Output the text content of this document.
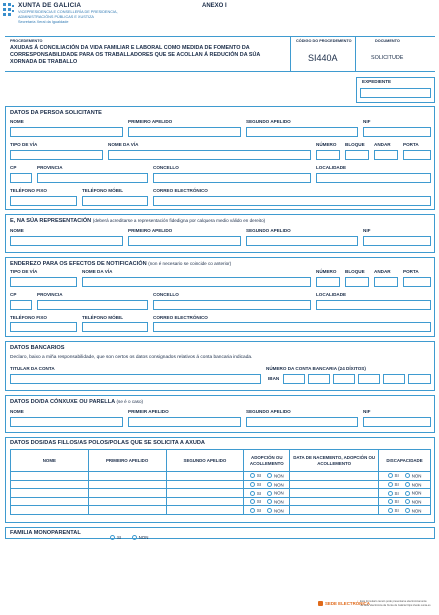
XUNTA DE GALICIA
VICEPRESIDENCIA E CONSELLERÍA DE PRESIDENCIA,
ADMINISTRACIÓNS PÚBLICAS E XUSTIZA
Secretaría Xeral da Igualdade
ANEXO I
PROCEDEMENTO
AXUDAS Á CONCILIACIÓN DA VIDA FAMILIAR E LABORAL COMO MEDIDA DE FOMENTO DA CORRESPONSABILIDADE PARA OS TRABALLADORES QUE SE ACOLLAN Á REDUCIÓN DA SÚA XORNADA DE TRABALLO
CÓDIGO DO PROCEDEMENTO
SI440A
DOCUMENTO
SOLICITUDE
EXPEDIENTE
DATOS DA PERSOA SOLICITANTE
NOME	PRIMEIRO APELIDO	SEGUNDO APELIDO	NIF
TIPO DE VÍA	NOME DA VÍA	NÚMERO BLOQUE ANDAR	PORTA
CP	PROVINCIA	CONCELLO	LOCALIDADE
TELÉFONO FIXO	TELÉFONO MÓBIL	CORREO ELECTRÓNICO
E, NA SÚA REPRESENTACIÓN (deberá acreditarse a representación fidedigna por calquera medio válido en dereito)
NOME	PRIMEIRO APELIDO	SEGUNDO APELIDO	NIF
ENDEREZO PARA OS EFECTOS DE NOTIFICACIÓN (non é necesario se coincide co anterior)
TIPO DE VÍA	NOME DA VÍA	NÚMERO BLOQUE ANDAR	PORTA
CP	PROVINCIA	CONCELLO	LOCALIDADE
TELÉFONO FIXO	TELÉFONO MÓBIL	CORREO ELECTRÓNICO
DATOS BANCARIOS
Declaro, baixo a miña responsabilidade, que son certos os datos consignados relativos á conta bancaria indicada.
TITULAR DA CONTA	NÚMERO DA CONTA BANCARIA (24 DÍXITOS)
IBAN
DATOS DO/DA CÓNXUXE OU PARELLA (se é o caso)
NOME	PRIMEIR APELIDO	SEGUNDO APELIDO	NIF
DATOS DOS/DAS FILLOS/AS POLOS/POLAS QUE SE SOLICITA A AXUDA
NOME	PRIMEIRO APELIDO	SEGUNDO APELIDO	ADOPCIÓN OU ACOLLEMENTO	DATA DE NACEMENTO, ADOPCIÓN OU ACOLLEMENTO	DISCAPACIDADE
			SI NON		SI NON
			SI NON		SI NON
			SI NON		SI NON
			SI NON		SI NON
			SI NON		SI NON
FAMILIA MONOPARENTAL
SI	NON
SEDE ELECTRÓNICA
Este formulario tamén pode presentarse electronicamente
na sede electrónica da Xunta de Galicia https://sede.xunta.es
